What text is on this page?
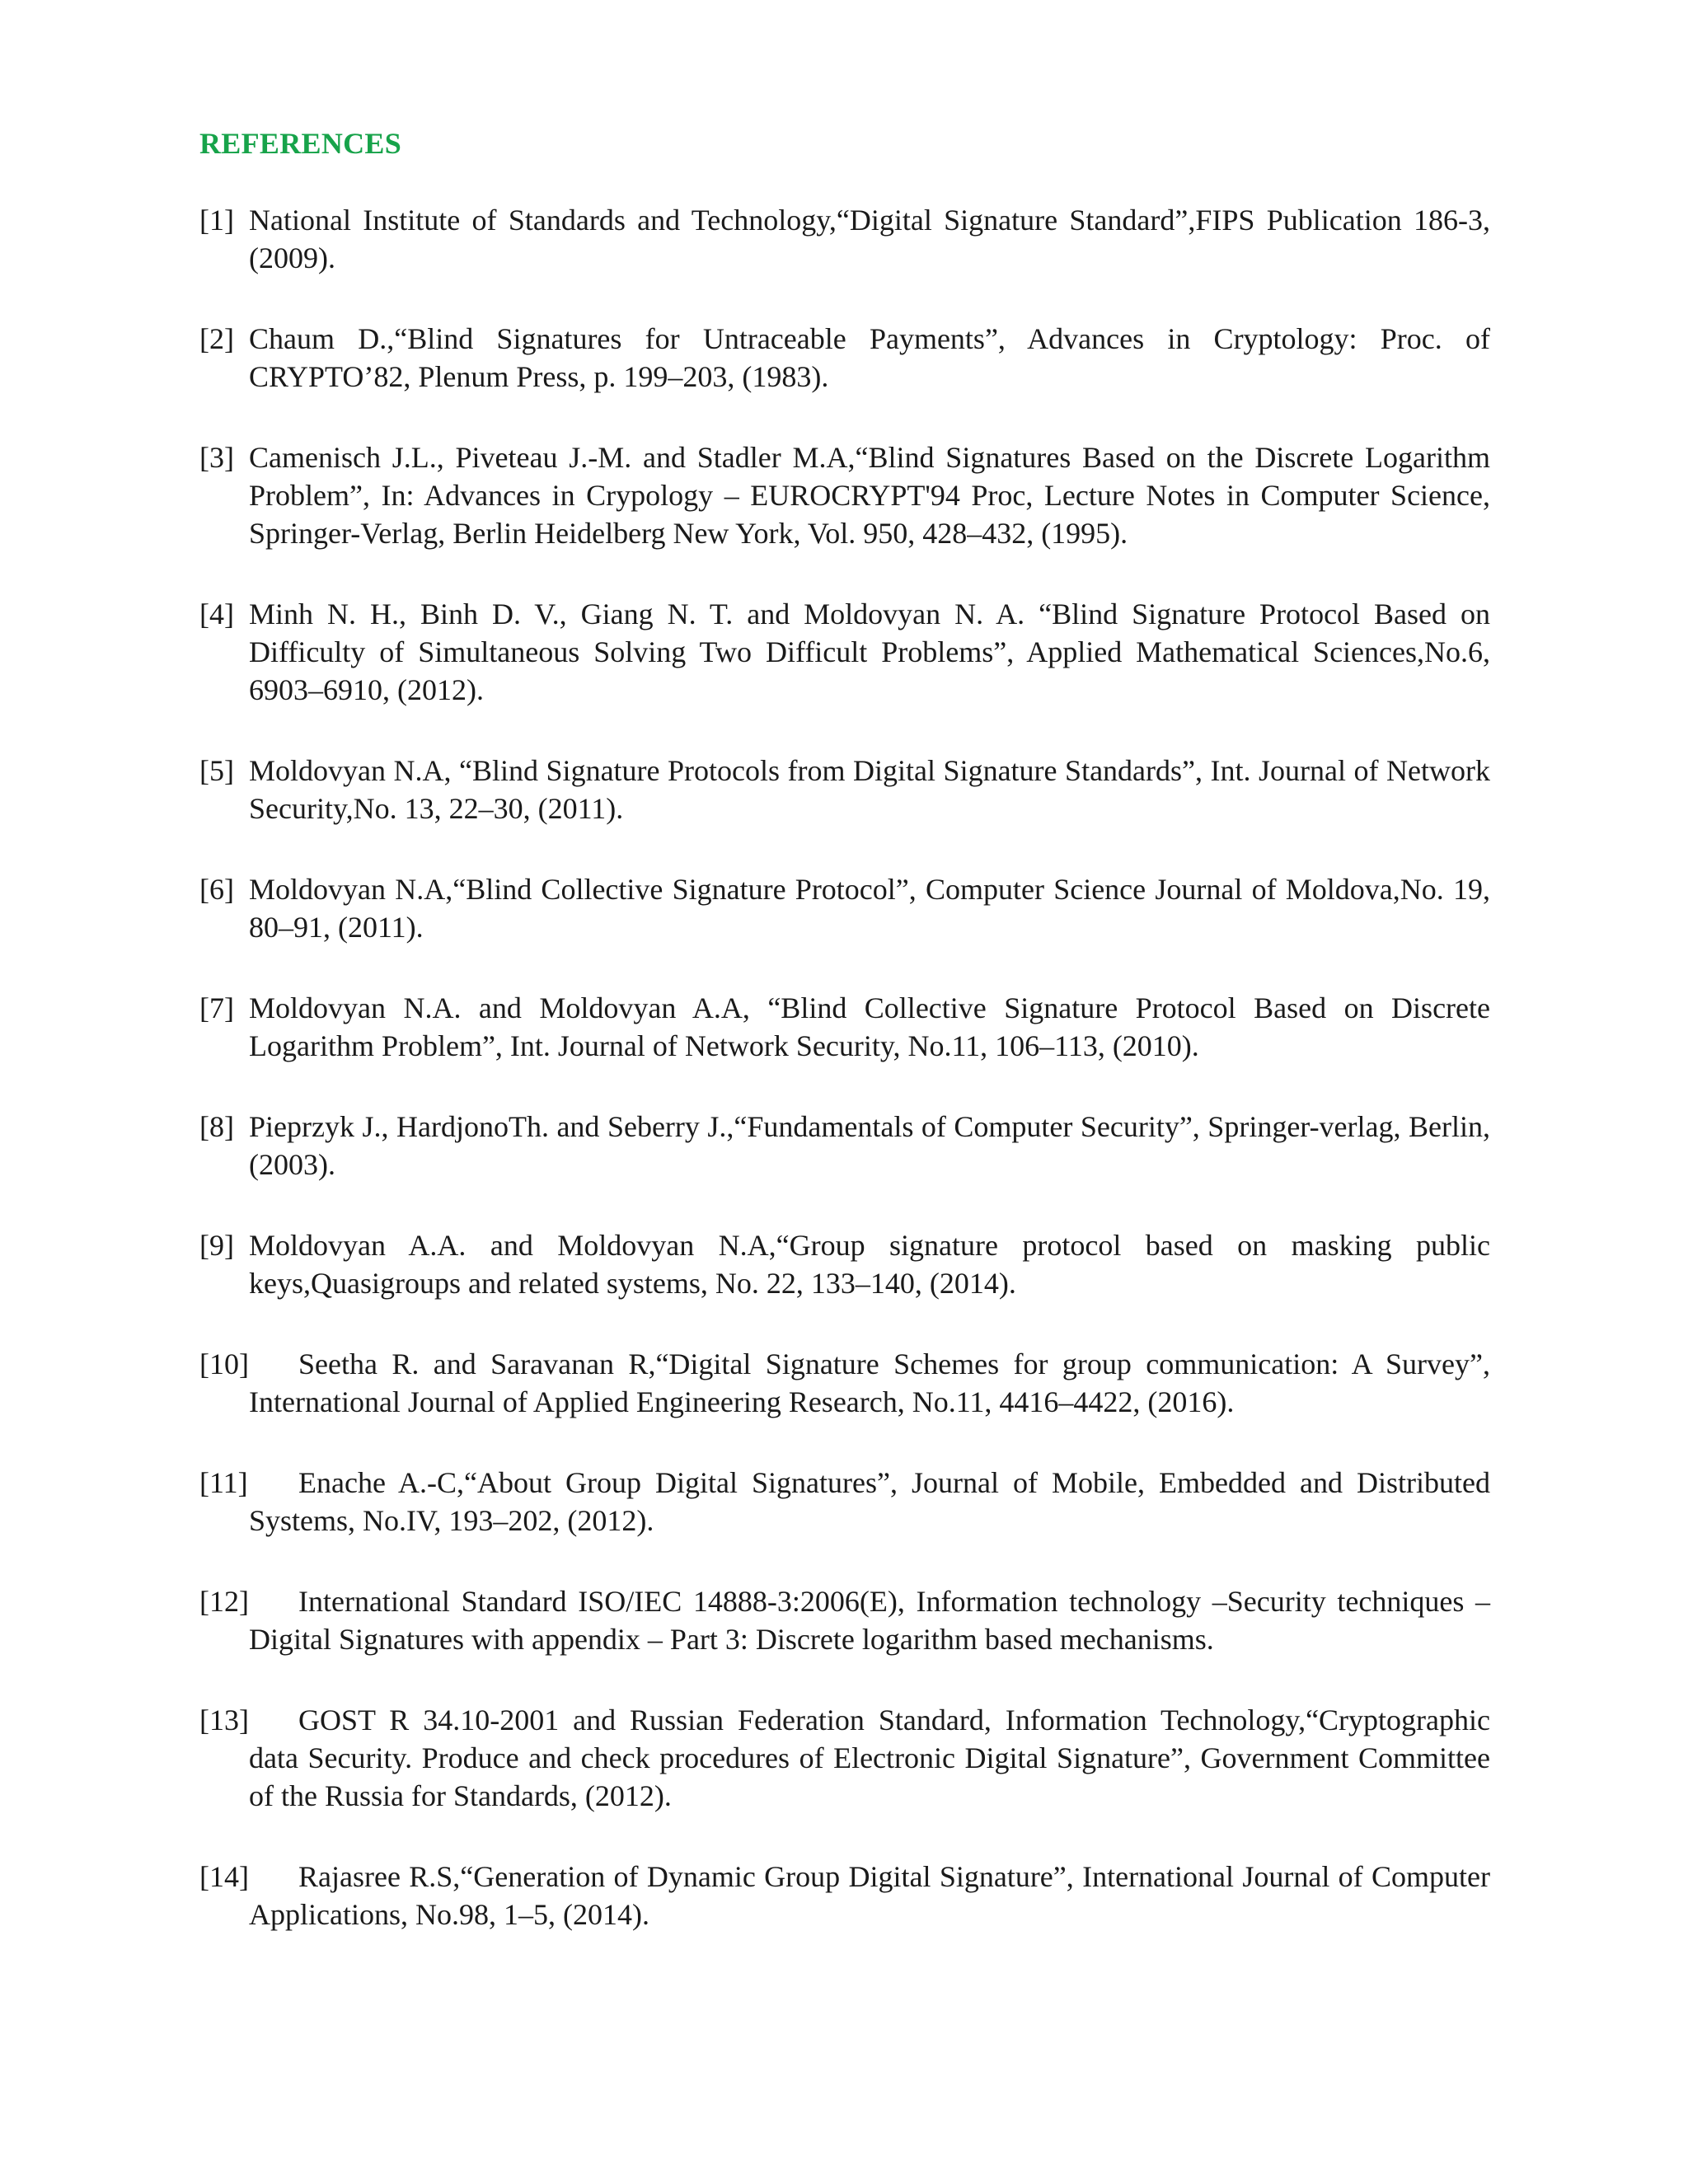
REFERENCES
[1] National Institute of Standards and Technology,“Digital Signature Standard”,FIPS Publication 186-3, (2009).
[2] Chaum D.,“Blind Signatures for Untraceable Payments”, Advances in Cryptology: Proc. of CRYPTO’82, Plenum Press, p. 199–203, (1983).
[3] Camenisch J.L., Piveteau J.-M. and Stadler M.A,“Blind Signatures Based on the Discrete Logarithm Problem”, In: Advances in Crypology – EUROCRYPT'94 Proc, Lecture Notes in Computer Science, Springer-Verlag, Berlin Heidelberg New York, Vol. 950, 428–432, (1995).
[4] Minh N. H., Binh D. V., Giang N. T. and Moldovyan N. A. “Blind Signature Protocol Based on Difficulty of Simultaneous Solving Two Difficult Problems”, Applied Mathematical Sciences,No.6, 6903–6910, (2012).
[5] Moldovyan N.A, “Blind Signature Protocols from Digital Signature Standards”, Int. Journal of Network Security,No. 13, 22–30, (2011).
[6] Moldovyan N.A,“Blind Collective Signature Protocol”, Computer Science Journal of Moldova,No. 19, 80–91, (2011).
[7] Moldovyan N.A. and Moldovyan A.A, “Blind Collective Signature Protocol Based on Discrete Logarithm Problem”, Int. Journal of Network Security, No.11, 106–113, (2010).
[8] Pieprzyk J., HardjonoTh. and Seberry J.,“Fundamentals of Computer Security”, Springer-verlag, Berlin, (2003).
[9] Moldovyan A.A. and Moldovyan N.A,“Group signature protocol based on masking public keys,Quasigroups and related systems, No. 22, 133–140, (2014).
[10]	Seetha R. and Saravanan R,“Digital Signature Schemes for group communication: A Survey”, International Journal of Applied Engineering Research, No.11, 4416–4422, (2016).
[11]	Enache A.-C,“About Group Digital Signatures”, Journal of Mobile, Embedded and Distributed Systems, No.IV, 193–202, (2012).
[12]	International Standard ISO/IEC 14888-3:2006(E), Information technology –Security techniques – Digital Signatures with appendix – Part 3: Discrete logarithm based mechanisms.
[13]	GOST R 34.10-2001 and Russian Federation Standard, Information Technology,“Cryptographic data Security. Produce and check procedures of Electronic Digital Signature”, Government Committee of the Russia for Standards, (2012).
[14]	Rajasree R.S,“Generation of Dynamic Group Digital Signature”, International Journal of Computer Applications, No.98, 1–5, (2014).
